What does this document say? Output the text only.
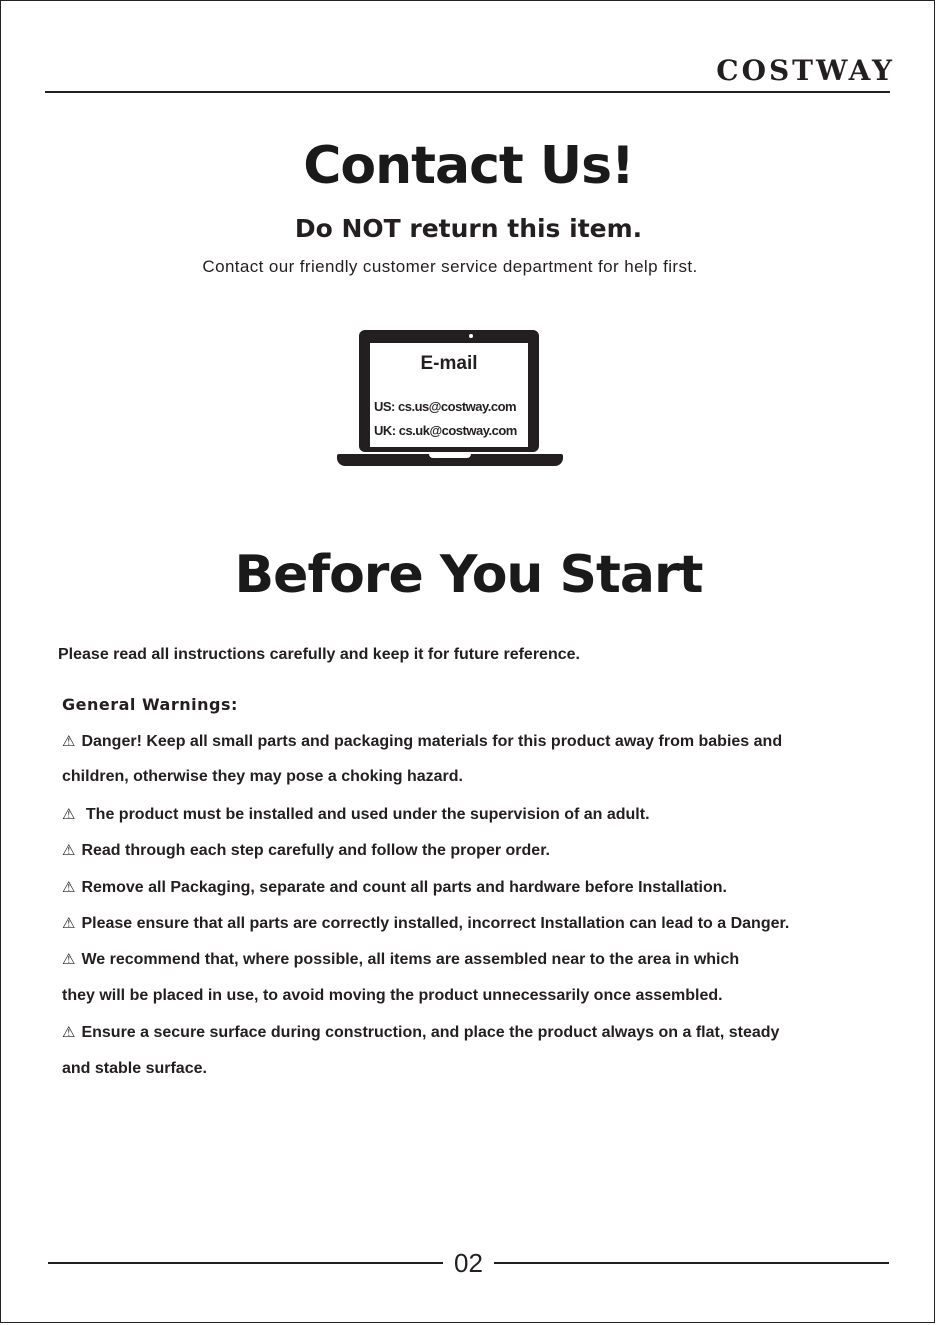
COSTWAY
Contact Us!
Do NOT return this item.
Contact our friendly customer service department for help first.
E-mail
US: cs.us@costway.com
UK: cs.uk@costway.com
Before You Start
Please read all instructions carefully and keep it for future reference.
General Warnings:
⚠ Danger! Keep all small parts and packaging materials for this product away from babies and
children, otherwise they may pose a choking hazard.
⚠ The product must be installed and used under the supervision of an adult.
⚠ Read through each step carefully and follow the proper order.
⚠ Remove all Packaging, separate and count all parts and hardware before Installation.
⚠ Please ensure that all parts are correctly installed, incorrect Installation can lead to a Danger.
⚠ We recommend that, where possible, all items are assembled near to the area in which
they will be placed in use, to avoid moving the product unnecessarily once assembled.
⚠ Ensure a secure surface during construction, and place the product always on a flat, steady
and stable surface.
02
